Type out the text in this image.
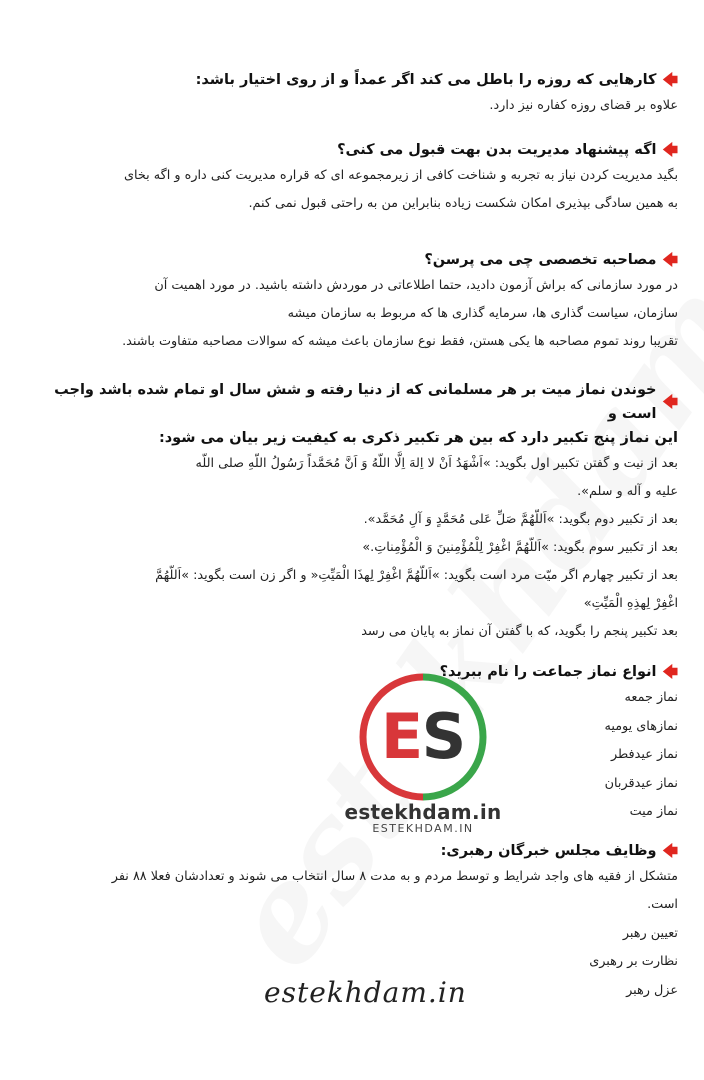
🡄
کارهایی که روزه را باطل می کند اگر عمداً و از روی اختیار باشد:
علاوه بر قضای روزه کفاره نیز دارد.
🡄
اگه پیشنهاد مدیریت بدن بهت قبول می کنی؟
بگید مدیریت کردن نیاز به تجربه و شناخت کافی از زیرمجموعه ای که قراره مدیریت کنی داره و اگه بخای
به همین سادگی بپذیری امکان شکست زیاده بنابراین من به راحتی قبول نمی کنم.
🡄
مصاحبه تخصصی چی می پرسن؟
در مورد سازمانی که براش آزمون دادید، حتما اطلاعاتی در موردش داشته باشید. در مورد اهمیت آن
سازمان، سیاست گذاری ها، سرمایه گذاری ها که مربوط به سازمان میشه
تقریبا روند تموم مصاحبه ها یکی هستن، فقط نوع سازمان باعث میشه که سوالات مصاحبه متفاوت باشند.
🡄
خوندن نماز میت بر هر مسلمانی که از دنیا رفته و شش سال او تمام شده باشد واجب است و
این نماز پنج تکبیر دارد که بین هر تکبیر ذکری به کیفیت زیر بیان می شود:
بعد از نیت و گفتن تکبیر اول بگوید: »اَشْهَدُ اَنْ لا اِلهَ اِلَّا اللّهُ وَ اَنَّ مُحَمَّداً رَسُولُ اللّهِ صلی اللّه
علیه و آله و سلم».
بعد از تکبیر دوم بگوید: »اَللّهُمَّ صَلِّ عَلی مُحَمَّدٍ وَ آلِ مُحَمَّد».
بعد از تکبیر سوم بگوید: »اَللّهُمَّ اغْفِرْ لِلْمُؤْمِنینَ وَ الْمُؤْمِناتِ.»
بعد از تکبیر چهارم اگر میّت مرد است بگوید: »اَللّهُمَّ اغْفِرْ لِهذَا الْمَیِّتِ« و اگر زن است بگوید: »اَللّهُمَّ
اغْفِرْ لِهذِهِ الْمَیِّتِ»
بعد تکبیر پنجم را بگوید، که با گفتن آن نماز به پایان می رسد
🡄
انواع نماز جماعت را نام ببرید؟
نماز جمعه
نمازهای یومیه
نماز عیدفطر
نماز عیدقربان
نماز میت
🡄
وظایف مجلس خبرگان رهبری:
متشکل از فقیه های واجد شرایط و توسط مردم و به مدت ۸ سال انتخاب می شوند و تعدادشان فعلا ۸۸ نفر
است.
تعیین رهبر
نظارت بر رهبری
عزل رهبر
E
S
estekhdam.in
ESTEKHDAM.IN
estekhdam.in
